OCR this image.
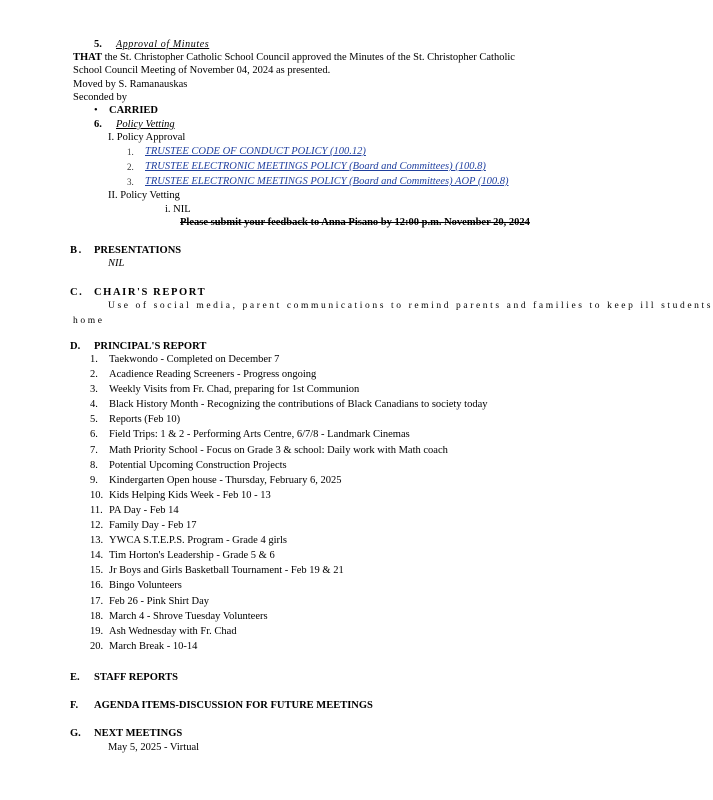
5. Approval of Minutes
THAT the St. Christopher Catholic School Council approved the Minutes of the St. Christopher Catholic
School Council Meeting of November 04, 2024 as presented.
Moved by S. Ramanauskas
Seconded by
• CARRIED
6. Policy Vetting
I. Policy Approval
1. TRUSTEE CODE OF CONDUCT POLICY (100.12)
2. TRUSTEE ELECTRONIC MEETINGS POLICY (Board and Committees) (100.8)
3. TRUSTEE ELECTRONIC MEETINGS POLICY (Board and Committees) AOP (100.8)
II. Policy Vetting
i. NIL
Please submit your feedback to Anna Pisano by 12:00 p.m. November 20, 2024
B. PRESENTATIONS
NIL
C. CHAIR'S REPORT
Use of social media, parent communications to remind parents and families to keep ill students
home
D. PRINCIPAL'S REPORT
1. Taekwondo - Completed on December 7
2. Acadience Reading Screeners - Progress ongoing
3. Weekly Visits from Fr. Chad, preparing for 1st Communion
4. Black History Month - Recognizing the contributions of Black Canadians to society today
5. Reports (Feb 10)
6. Field Trips: 1 & 2 - Performing Arts Centre, 6/7/8 - Landmark Cinemas
7. Math Priority School - Focus on Grade 3 & school: Daily work with Math coach
8. Potential Upcoming Construction Projects
9. Kindergarten Open house - Thursday, February 6, 2025
10. Kids Helping Kids Week - Feb 10 - 13
11. PA Day - Feb 14
12. Family Day - Feb 17
13. YWCA S.T.E.P.S. Program - Grade 4 girls
14. Tim Horton's Leadership - Grade 5 & 6
15. Jr Boys and Girls Basketball Tournament - Feb 19 & 21
16. Bingo Volunteers
17. Feb 26 - Pink Shirt Day
18. March 4 - Shrove Tuesday Volunteers
19. Ash Wednesday with Fr. Chad
20. March Break - 10-14
E. STAFF REPORTS
F. AGENDA ITEMS-DISCUSSION FOR FUTURE MEETINGS
G. NEXT MEETINGS
May 5, 2025 - Virtual
